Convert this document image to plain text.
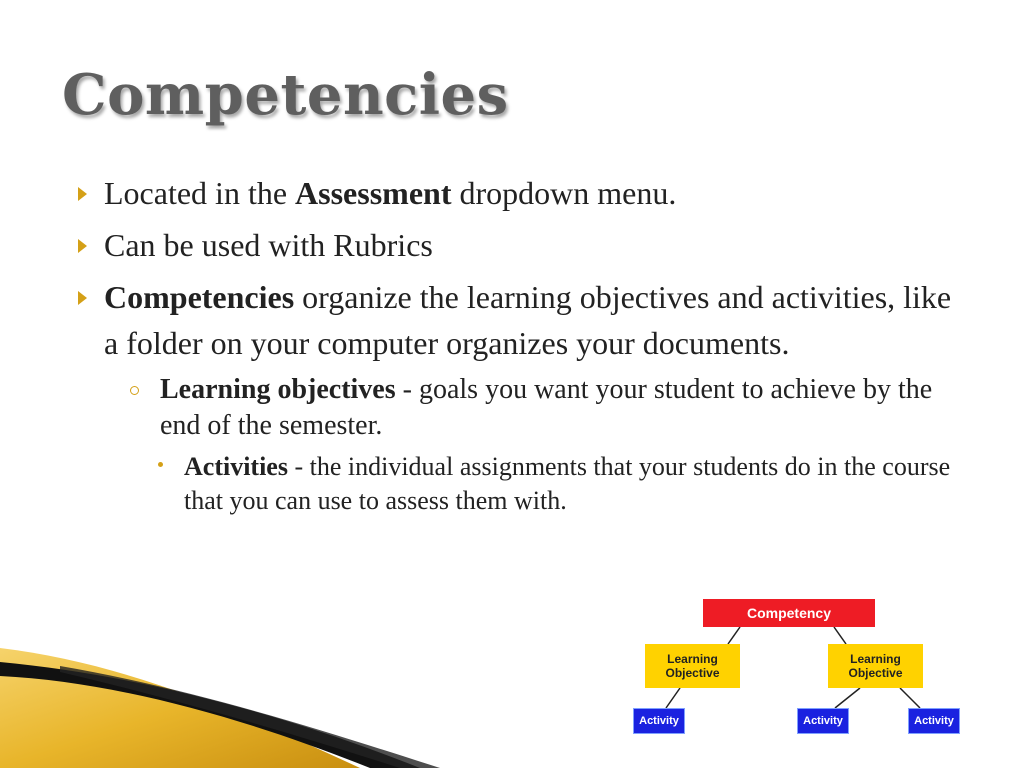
Competencies

Located in the Assessment dropdown menu.

Can be used with Rubrics

Competencies organize the learning objectives and activities, like a folder on your computer organizes your documents.

Learning objectives - goals you want your student to achieve by the end of the semester.

Activities - the individual assignments that your students do in the course that you can use to assess them with.

Competency
Learning
Objective
Learning
Objective
Activity	Activity	Activity
